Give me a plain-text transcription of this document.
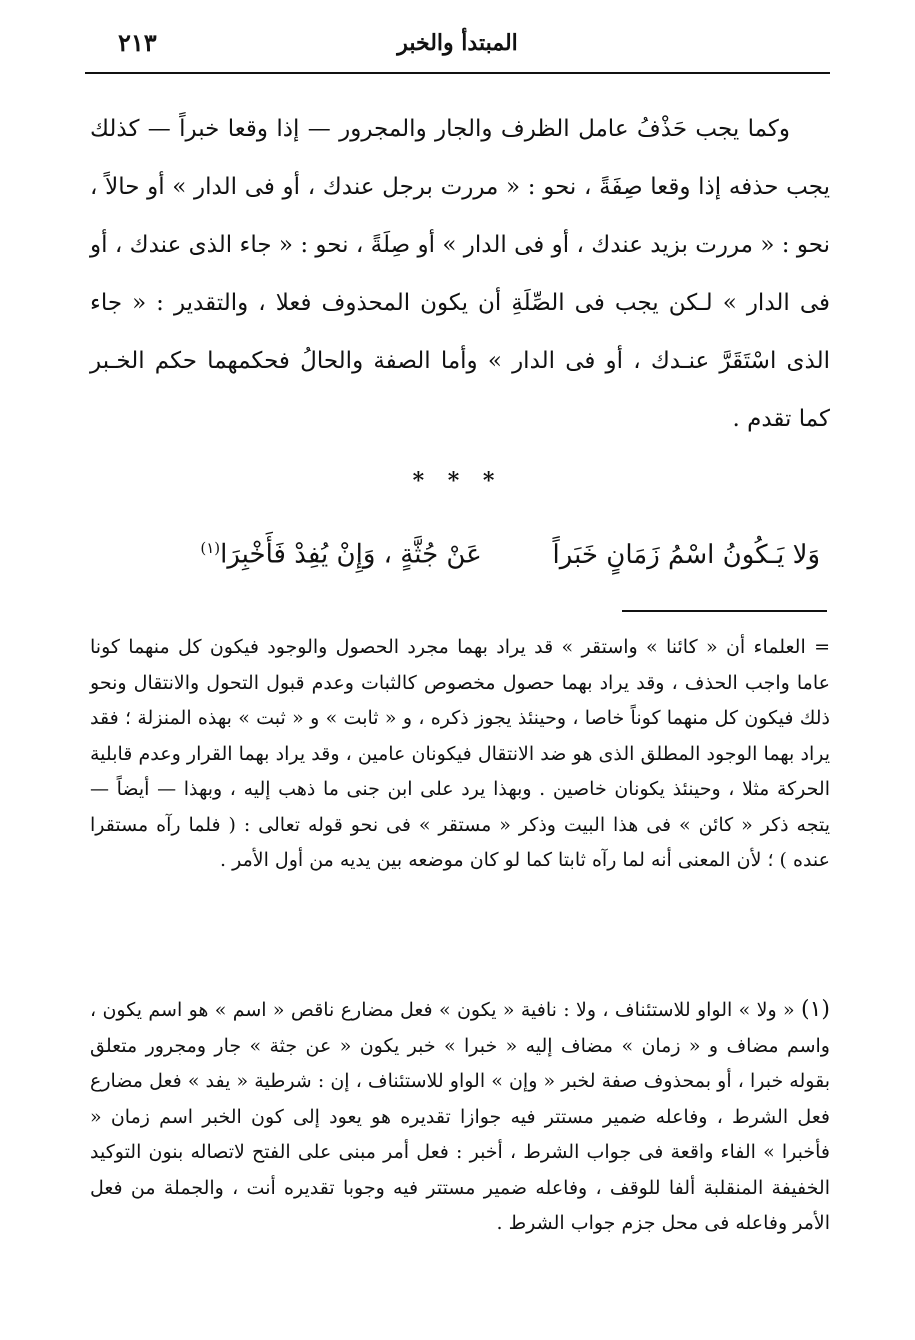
المبتدأ والخبر
٢١٣

وكما يجب حَذْفُ عامل الظرف والجار والمجرور — إذا وقعا خبراً — كذلك يجب حذفه إذا وقعا صِفَةً ، نحو : « مررت برجل عندك ، أو فى الدار » أو حالاً ، نحو : « مررت بزيد عندك ، أو فى الدار » أو صِلَةً ، نحو : « جاء الذى عندك ، أو فى الدار » لـكن يجب فى الصِّلَةِ أن يكون المحذوف فعلا ، والتقدير : « جاء الذى اسْتَقَرَّ عنـدك ، أو فى الدار » وأما الصفة والحالُ فحكمهما حكم الخـبر كما تقدم .

* * *
وَلا يَـكُونُ اسْمُ زَمَانٍ خَبَراً عَنْ جُثَّةٍ ، وَإِنْ يُفِدْ فَأَخْبِرَا$^{(١)}$

= العلماء أن « كائنا » واستقر » قد يراد بهما مجرد الحصول والوجود فيكون كل منهما كونا عاما واجب الحذف ، وقد يراد بهما حصول مخصوص كالثبات وعدم قبول التحول والانتقال ونحو ذلك فيكون كل منهما كوناً خاصا ، وحينئذ يجوز ذكره ، و « ثابت » و « ثبت » بهذه المنزلة ؛ فقد يراد بهما الوجود المطلق الذى هو ضد الانتقال فيكونان عامين ، وقد يراد بهما القرار وعدم قابلية الحركة مثلا ، وحينئذ يكونان خاصين . وبهذا يرد على ابن جنى ما ذهب إليه ، وبهذا — أيضاً — يتجه ذكر « كائن » فى هذا البيت وذكر « مستقر » فى نحو قوله تعالى : ( فلما رآه مستقرا عنده ) ؛ لأن المعنى أنه لما رآه ثابتا كما لو كان موضعه بين يديه من أول الأمر .

(١) « ولا » الواو للاستئناف ، ولا : نافية « يكون » فعل مضارع ناقص « اسم » هو اسم يكون ، واسم مضاف و « زمان » مضاف إليه « خبرا » خبر يكون « عن جثة » جار ومجرور متعلق بقوله خبرا ، أو بمحذوف صفة لخبر « وإن » الواو للاستئناف ، إن : شرطية « يفد » فعل مضارع فعل الشرط ، وفاعله ضمير مستتر فيه جوازا تقديره هو يعود إلى كون الخبر اسم زمان « فأخبرا » الفاء واقعة فى جواب الشرط ، أخبر : فعل أمر مبنى على الفتح لاتصاله بنون التوكيد الخفيفة المنقلبة ألفا للوقف ، وفاعله ضمير مستتر فيه وجوبا تقديره أنت ، والجملة من فعل الأمر وفاعله فى محل جزم جواب الشرط .
